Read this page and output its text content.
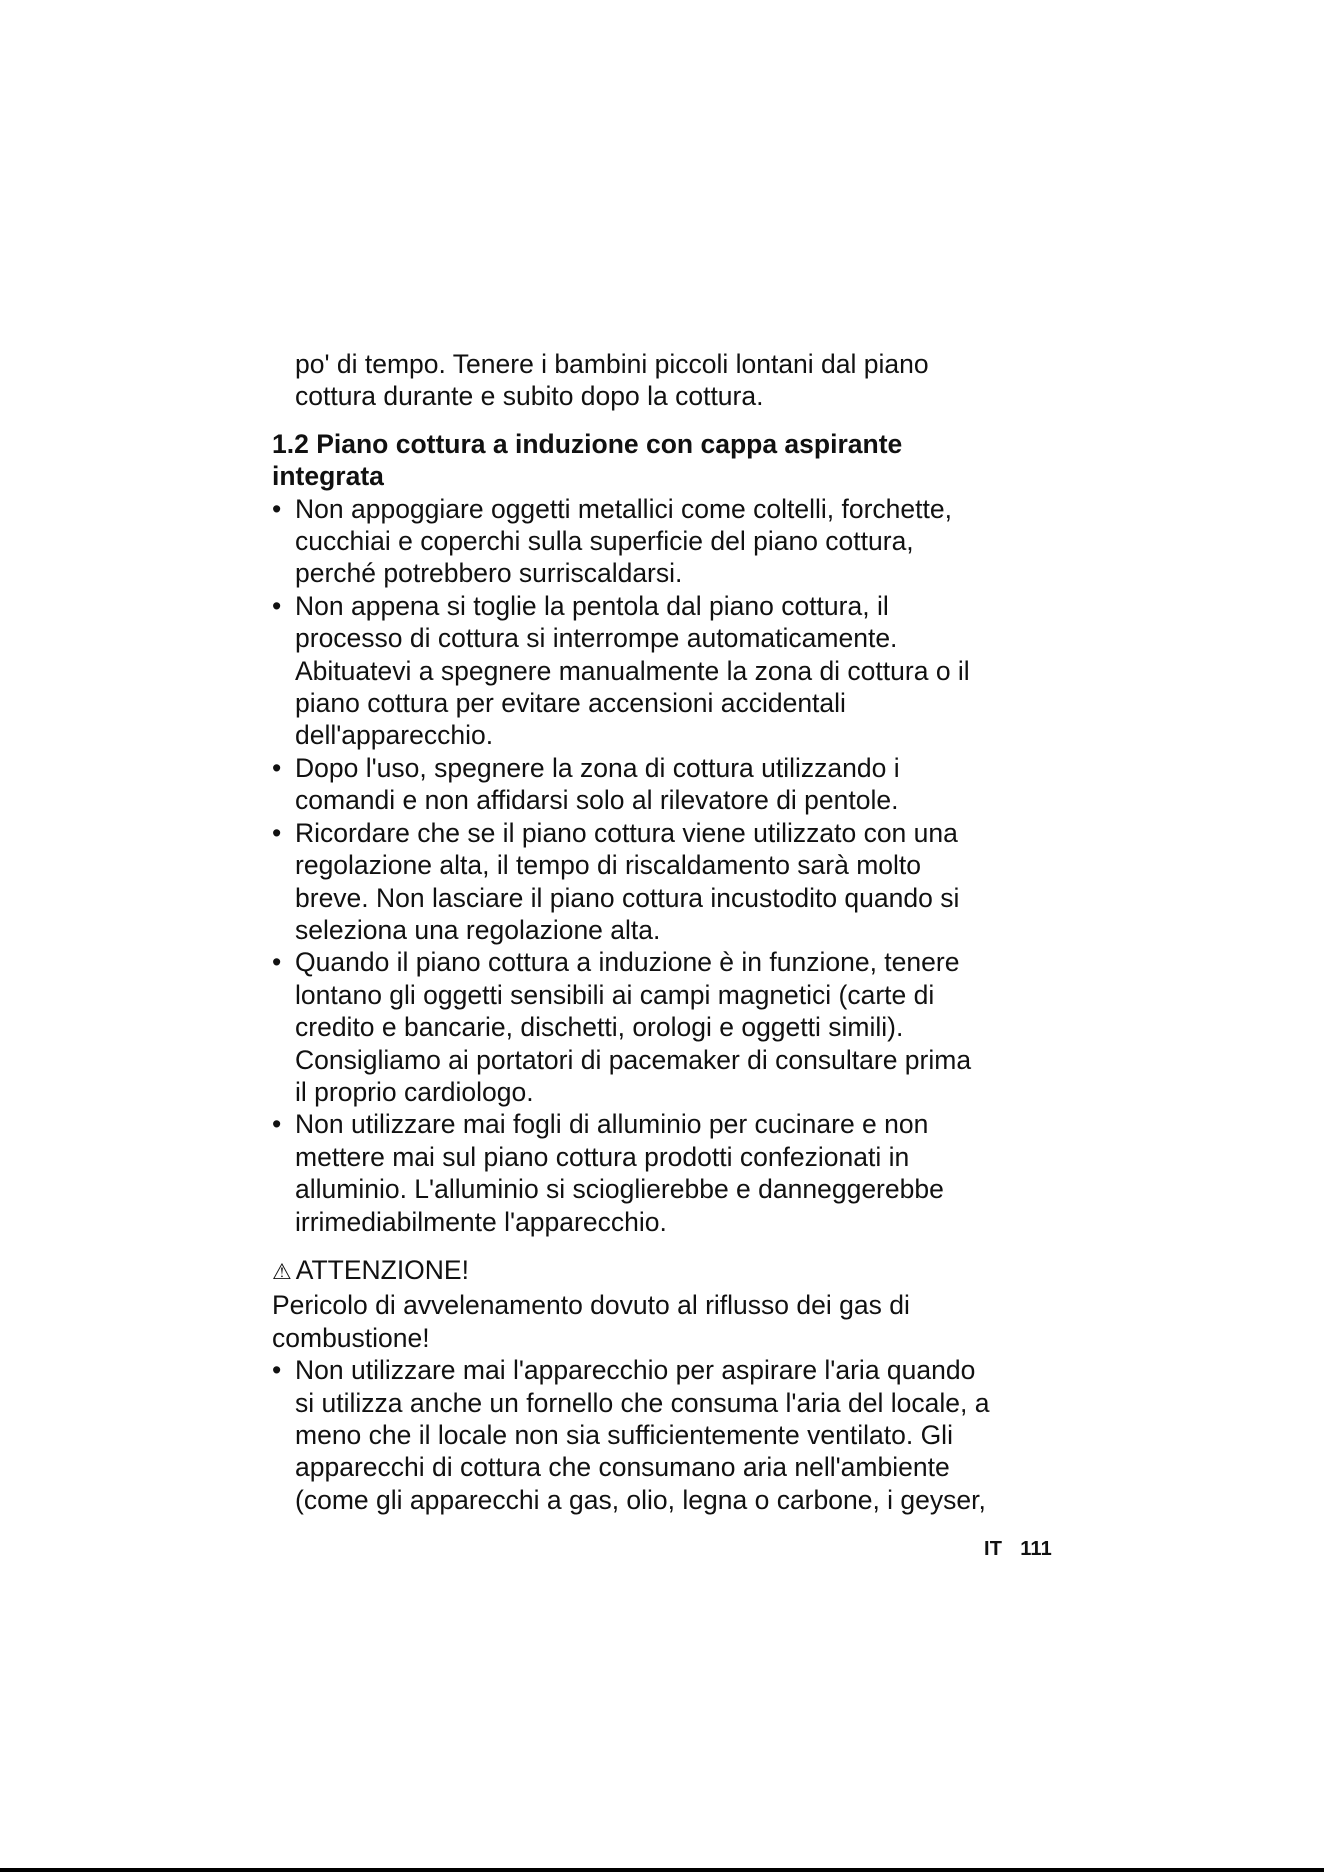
po' di tempo. Tenere i bambini piccoli lontani dal piano
cottura durante e subito dopo la cottura.

1.2 Piano cottura a induzione con cappa aspirante
integrata
• Non appoggiare oggetti metallici come coltelli, forchette,
cucchiai e coperchi sulla superficie del piano cottura,
perché potrebbero surriscaldarsi.
• Non appena si toglie la pentola dal piano cottura, il
processo di cottura si interrompe automaticamente.
Abituatevi a spegnere manualmente la zona di cottura o il
piano cottura per evitare accensioni accidentali
dell'apparecchio.
• Dopo l'uso, spegnere la zona di cottura utilizzando i
comandi e non affidarsi solo al rilevatore di pentole.
• Ricordare che se il piano cottura viene utilizzato con una
regolazione alta, il tempo di riscaldamento sarà molto
breve. Non lasciare il piano cottura incustodito quando si
seleziona una regolazione alta.
• Quando il piano cottura a induzione è in funzione, tenere
lontano gli oggetti sensibili ai campi magnetici (carte di
credito e bancarie, dischetti, orologi e oggetti simili).
Consigliamo ai portatori di pacemaker di consultare prima
il proprio cardiologo.
• Non utilizzare mai fogli di alluminio per cucinare e non
mettere mai sul piano cottura prodotti confezionati in
alluminio. L'alluminio si scioglierebbe e danneggerebbe
irrimediabilmente l'apparecchio.

⚠ ATTENZIONE!

Pericolo di avvelenamento dovuto al riflusso dei gas di
combustione!

• Non utilizzare mai l'apparecchio per aspirare l'aria quando
si utilizza anche un fornello che consuma l'aria del locale, a
meno che il locale non sia sufficientemente ventilato. Gli
apparecchi di cottura che consumano aria nell'ambiente
(come gli apparecchi a gas, olio, legna o carbone, i geyser,
IT 111
